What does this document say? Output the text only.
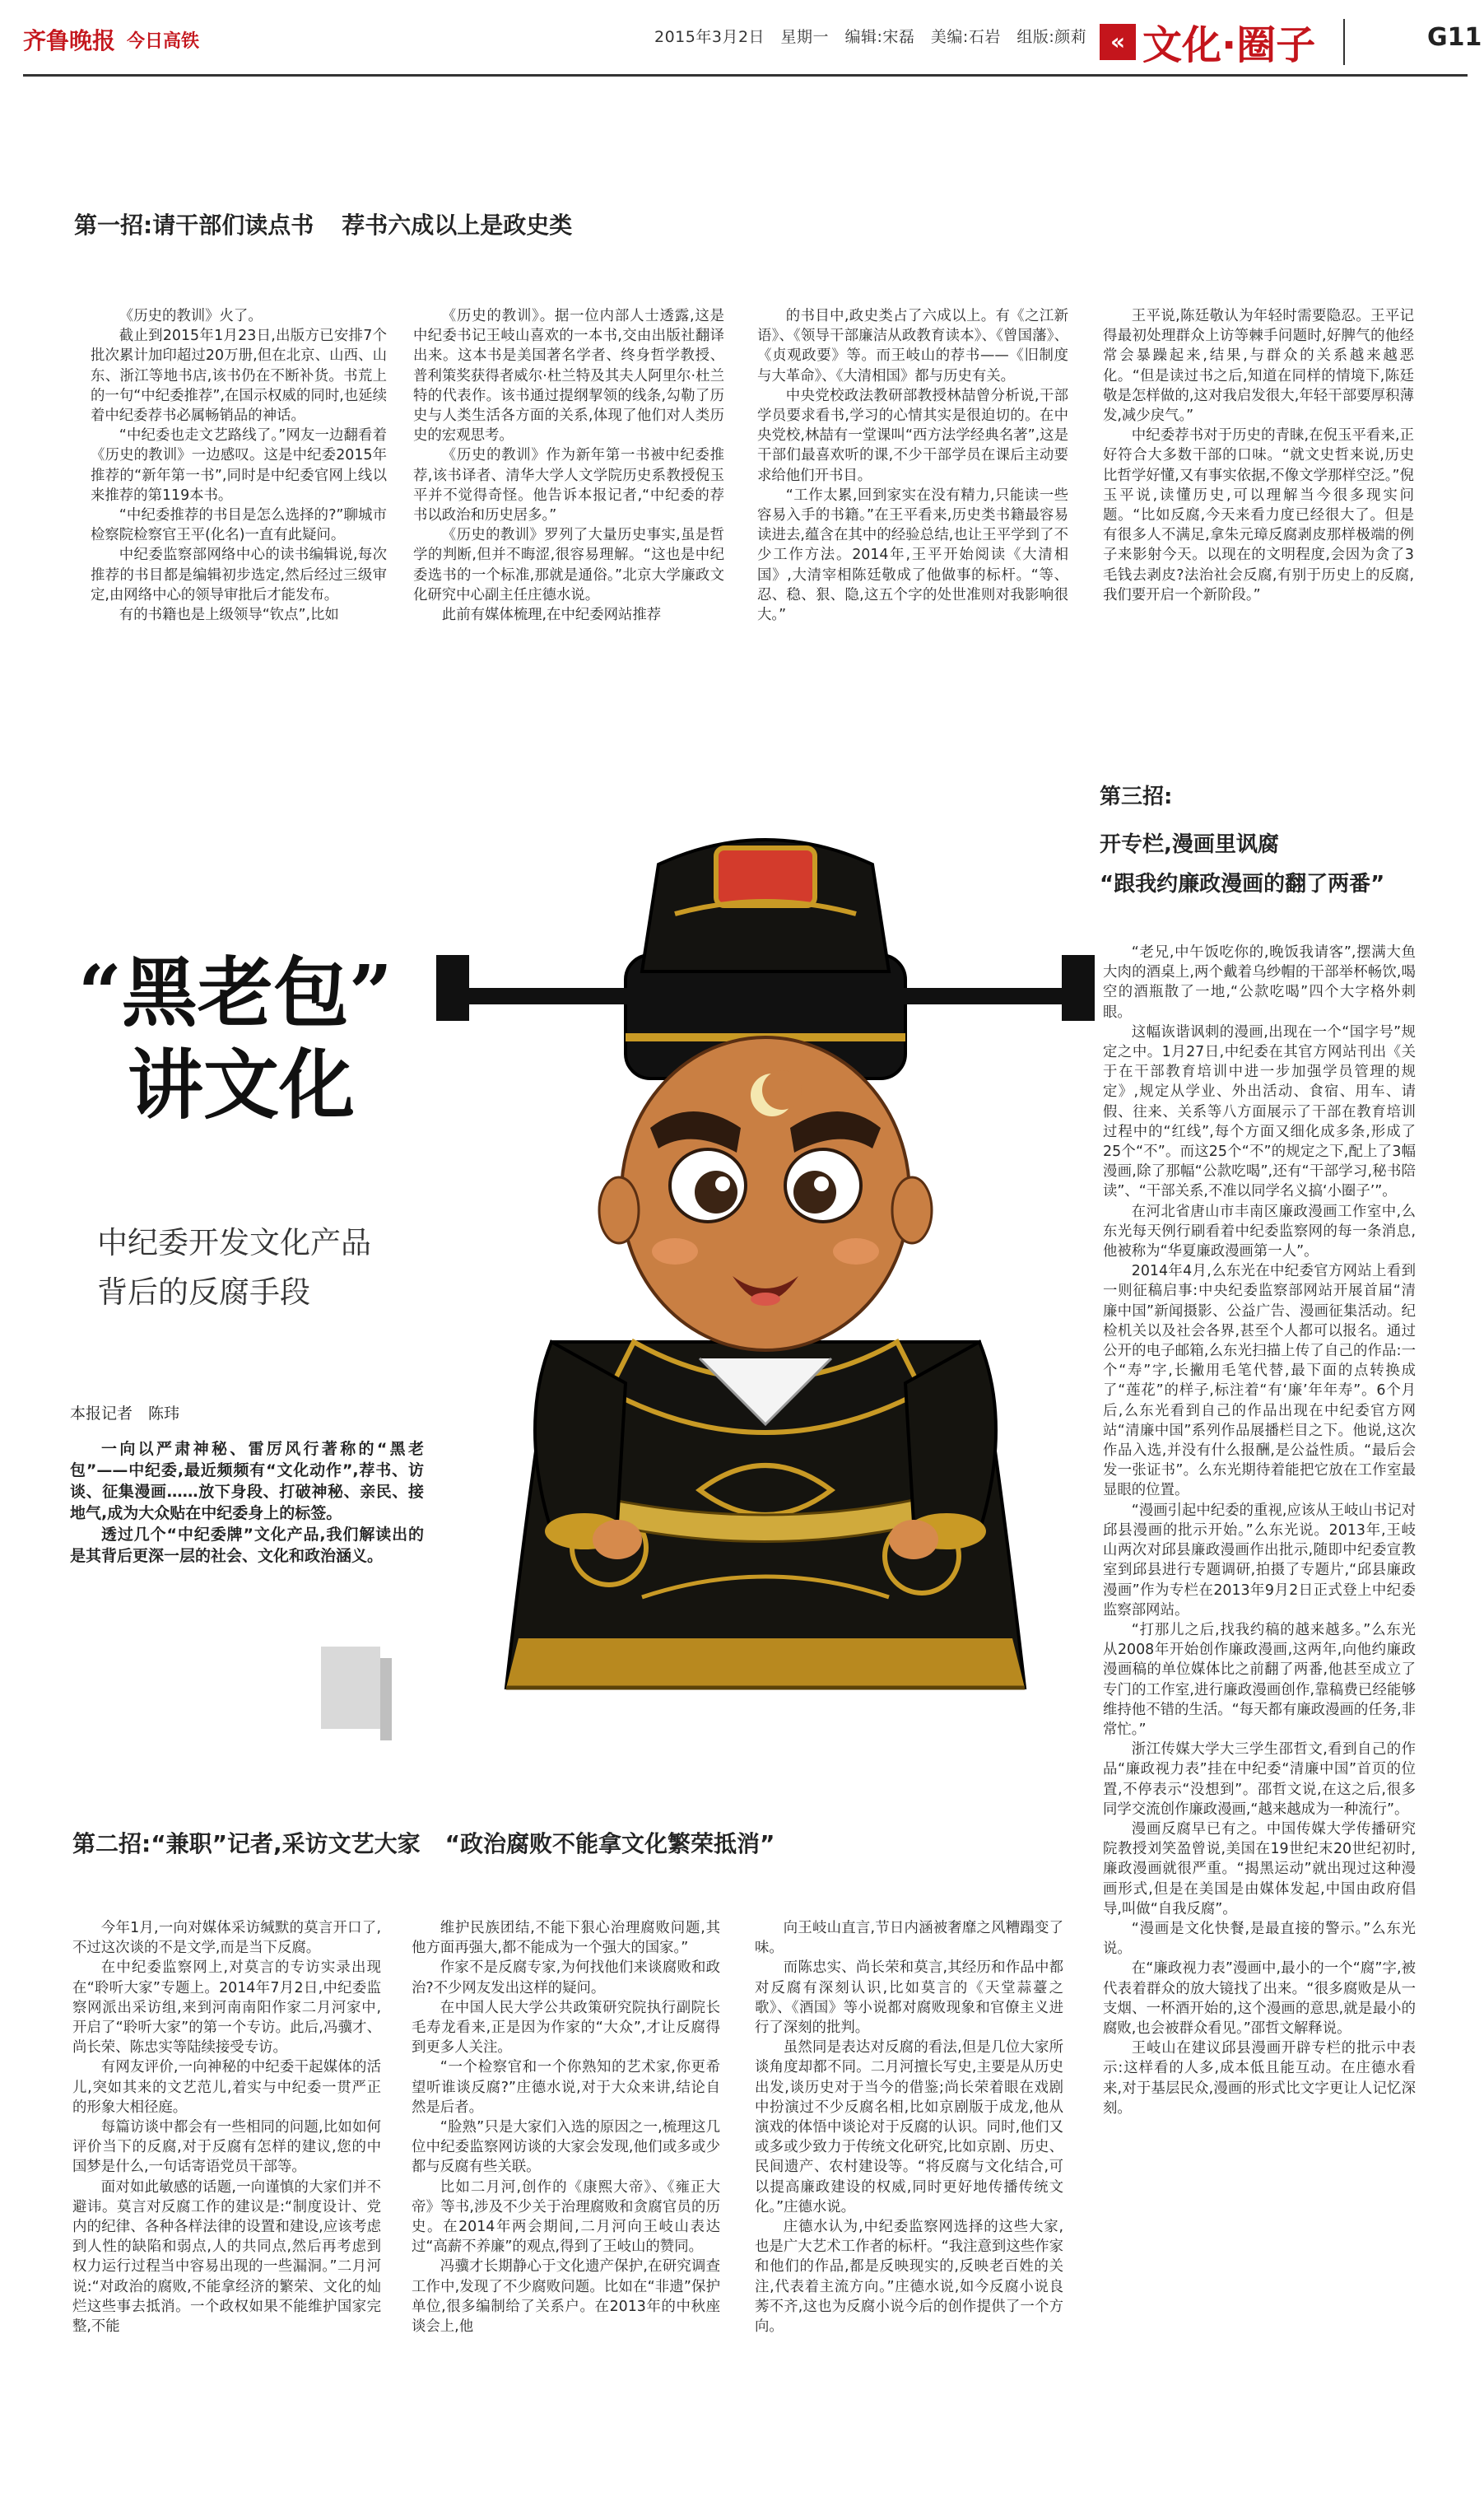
齐鲁晚报 今日高铁	2015年3月2日　星期一　编辑:宋磊　美编:石岩　组版:颜莉	« 文化·圈子	G11
第一招:请干部们读点书 荐书六成以上是政史类

《历史的教训》火了。

截止到2015年1月23日,出版方已安排7个批次累计加印超过20万册,但在北京、山西、山东、浙江等地书店,该书仍在不断补货。书荒上的一句“中纪委推荐”,在国示权威的同时,也延续着中纪委荐书必属畅销品的神话。

“中纪委也走文艺路线了。”网友一边翻看着《历史的教训》一边感叹。这是中纪委2015年推荐的“新年第一书”,同时是中纪委官网上线以来推荐的第119本书。

“中纪委推荐的书目是怎么选择的?”聊城市检察院检察官王平(化名)一直有此疑问。

中纪委监察部网络中心的读书编辑说,每次推荐的书目都是编辑初步选定,然后经过三级审定,由网络中心的领导审批后才能发布。

有的书籍也是上级领导“钦点”,比如

《历史的教训》。据一位内部人士透露,这是中纪委书记王岐山喜欢的一本书,交由出版社翻译出来。这本书是美国著名学者、终身哲学教授、普利策奖获得者威尔·杜兰特及其夫人阿里尔·杜兰特的代表作。该书通过提纲挈领的线条,勾勒了历史与人类生活各方面的关系,体现了他们对人类历史的宏观思考。

《历史的教训》作为新年第一书被中纪委推荐,该书译者、清华大学人文学院历史系教授倪玉平并不觉得奇怪。他告诉本报记者,“中纪委的荐书以政治和历史居多。”

《历史的教训》罗列了大量历史事实,虽是哲学的判断,但并不晦涩,很容易理解。“这也是中纪委选书的一个标准,那就是通俗。”北京大学廉政文化研究中心副主任庄德水说。

此前有媒体梳理,在中纪委网站推荐

的书目中,政史类占了六成以上。有《之江新语》、《领导干部廉洁从政教育读本》、《曾国藩》、《贞观政要》等。而王岐山的荐书——《旧制度与大革命》、《大清相国》都与历史有关。

中央党校政法教研部教授林喆曾分析说,干部学员要求看书,学习的心情其实是很迫切的。在中央党校,林喆有一堂课叫“西方法学经典名著”,这是干部们最喜欢听的课,不少干部学员在课后主动要求给他们开书目。

“工作太累,回到家实在没有精力,只能读一些容易入手的书籍。”在王平看来,历史类书籍最容易读进去,蕴含在其中的经验总结,也让王平学到了不少工作方法。2014年,王平开始阅读《大清相国》,大清宰相陈廷敬成了他做事的标杆。“等、忍、稳、狠、隐,这五个字的处世准则对我影响很大。”

王平说,陈廷敬认为年轻时需要隐忍。王平记得最初处理群众上访等棘手问题时,好脾气的他经常会暴躁起来,结果,与群众的关系越来越恶化。“但是读过书之后,知道在同样的情境下,陈廷敬是怎样做的,这对我启发很大,年轻干部要厚积薄发,减少戾气。”

中纪委荐书对于历史的青睐,在倪玉平看来,正好符合大多数干部的口味。“就文史哲来说,历史比哲学好懂,又有事实依据,不像文学那样空泛。”倪玉平说,读懂历史,可以理解当今很多现实问题。“比如反腐,今天来看力度已经很大了。但是有很多人不满足,拿朱元璋反腐剥皮那样极端的例子来影射今天。以现在的文明程度,会因为贪了3毛钱去剥皮?法治社会反腐,有别于历史上的反腐,我们要开启一个新阶段。”

“黑老包”
讲文化
中纪委开发文化产品
背后的反腐手段
本报记者　陈玮

一向以严肃神秘、雷厉风行著称的“黑老包”——中纪委,最近频频有“文化动作”,荐书、访谈、征集漫画……放下身段、打破神秘、亲民、接地气,成为大众贴在中纪委身上的标签。

透过几个“中纪委牌”文化产品,我们解读出的是其背后更深一层的社会、文化和政治涵义。

第三招:
开专栏,漫画里讽腐
“跟我约廉政漫画的翻了两番”

“老兄,中午饭吃你的,晚饭我请客”,摆满大鱼大肉的酒桌上,两个戴着乌纱帽的干部举杯畅饮,喝空的酒瓶散了一地,“公款吃喝”四个大字格外刺眼。

这幅诙谐讽刺的漫画,出现在一个“国字号”规定之中。1月27日,中纪委在其官方网站刊出《关于在干部教育培训中进一步加强学员管理的规定》,规定从学业、外出活动、食宿、用车、请假、往来、关系等八方面展示了干部在教育培训过程中的“红线”,每个方面又细化成多条,形成了25个“不”。而这25个“不”的规定之下,配上了3幅漫画,除了那幅“公款吃喝”,还有“干部学习,秘书陪读”、“干部关系,不准以同学名义搞‘小圈子’”。

在河北省唐山市丰南区廉政漫画工作室中,么东光每天例行刷看着中纪委监察网的每一条消息,他被称为“华夏廉政漫画第一人”。

2014年4月,么东光在中纪委官方网站上看到一则征稿启事:中央纪委监察部网站开展首届“清廉中国”新闻摄影、公益广告、漫画征集活动。纪检机关以及社会各界,甚至个人都可以报名。通过公开的电子邮箱,么东光扫描上传了自己的作品:一个“寿”字,长撇用毛笔代替,最下面的点转换成了“莲花”的样子,标注着“有‘廉’年年寿”。6个月后,么东光看到自己的作品出现在中纪委官方网站“清廉中国”系列作品展播栏目之下。他说,这次作品入选,并没有什么报酬,是公益性质。“最后会发一张证书”。么东光期待着能把它放在工作室最显眼的位置。

“漫画引起中纪委的重视,应该从王岐山书记对邱县漫画的批示开始。”么东光说。2013年,王岐山两次对邱县廉政漫画作出批示,随即中纪委宣教室到邱县进行专题调研,拍摄了专题片,“邱县廉政漫画”作为专栏在2013年9月2日正式登上中纪委监察部网站。

“打那儿之后,找我约稿的越来越多。”么东光从2008年开始创作廉政漫画,这两年,向他约廉政漫画稿的单位媒体比之前翻了两番,他甚至成立了专门的工作室,进行廉政漫画创作,靠稿费已经能够维持他不错的生活。“每天都有廉政漫画的任务,非常忙。”

浙江传媒大学大三学生邵哲文,看到自己的作品“廉政视力表”挂在中纪委“清廉中国”首页的位置,不停表示“没想到”。邵哲文说,在这之后,很多同学交流创作廉政漫画,“越来越成为一种流行”。

漫画反腐早已有之。中国传媒大学传播研究院教授刘笑盈曾说,美国在19世纪末20世纪初时,廉政漫画就很严重。“揭黑运动”就出现过这种漫画形式,但是在美国是由媒体发起,中国由政府倡导,叫做“自我反腐”。

“漫画是文化快餐,是最直接的警示。”么东光说。

在“廉政视力表”漫画中,最小的一个“腐”字,被代表着群众的放大镜找了出来。“很多腐败是从一支烟、一杯酒开始的,这个漫画的意思,就是最小的腐败,也会被群众看见。”邵哲文解释说。

王岐山在建议邱县漫画开辟专栏的批示中表示:这样看的人多,成本低且能互动。在庄德水看来,对于基层民众,漫画的形式比文字更让人记忆深刻。

第二招:“兼职”记者,采访文艺大家 “政治腐败不能拿文化繁荣抵消”

今年1月,一向对媒体采访缄默的莫言开口了,不过这次谈的不是文学,而是当下反腐。

在中纪委监察网上,对莫言的专访实录出现在“聆听大家”专题上。2014年7月2日,中纪委监察网派出采访组,来到河南南阳作家二月河家中,开启了“聆听大家”的第一个专访。此后,冯骥才、尚长荣、陈忠实等陆续接受专访。

有网友评价,一向神秘的中纪委干起媒体的活儿,突如其来的文艺范儿,着实与中纪委一贯严正的形象大相径庭。

每篇访谈中都会有一些相同的问题,比如如何评价当下的反腐,对于反腐有怎样的建议,您的中国梦是什么,一句话寄语党员干部等。

面对如此敏感的话题,一向谨慎的大家们并不避讳。莫言对反腐工作的建议是:“制度设计、党内的纪律、各种各样法律的设置和建设,应该考虑到人性的缺陷和弱点,人的共同点,然后再考虑到权力运行过程当中容易出现的一些漏洞。”二月河说:“对政治的腐败,不能拿经济的繁荣、文化的灿烂这些事去抵消。一个政权如果不能维护国家完整,不能

维护民族团结,不能下狠心治理腐败问题,其他方面再强大,都不能成为一个强大的国家。”

作家不是反腐专家,为何找他们来谈腐败和政治?不少网友发出这样的疑问。

在中国人民大学公共政策研究院执行副院长毛寿龙看来,正是因为作家的“大众”,才让反腐得到更多人关注。

“一个检察官和一个你熟知的艺术家,你更希望听谁谈反腐?”庄德水说,对于大众来讲,结论自然是后者。

“脸熟”只是大家们入选的原因之一,梳理这几位中纪委监察网访谈的大家会发现,他们或多或少都与反腐有些关联。

比如二月河,创作的《康熙大帝》、《雍正大帝》等书,涉及不少关于治理腐败和贪腐官员的历史。在2014年两会期间,二月河向王岐山表达过“高薪不养廉”的观点,得到了王岐山的赞同。

冯骥才长期静心于文化遗产保护,在研究调查工作中,发现了不少腐败问题。比如在“非遗”保护单位,很多编制给了关系户。在2013年的中秋座谈会上,他

向王岐山直言,节日内涵被奢靡之风糟蹋变了味。

而陈忠实、尚长荣和莫言,其经历和作品中都对反腐有深刻认识,比如莫言的《天堂蒜薹之歌》、《酒国》等小说都对腐败现象和官僚主义进行了深刻的批判。

虽然同是表达对反腐的看法,但是几位大家所谈角度却都不同。二月河擅长写史,主要是从历史出发,谈历史对于当今的借鉴;尚长荣着眼在戏剧中扮演过不少反腐名相,比如京剧版于成龙,他从演戏的体悟中谈论对于反腐的认识。同时,他们又或多或少致力于传统文化研究,比如京剧、历史、民间遗产、农村建设等。“将反腐与文化结合,可以提高廉政建设的权威,同时更好地传播传统文化。”庄德水说。

庄德水认为,中纪委监察网选择的这些大家,也是广大艺术工作者的标杆。“我注意到这些作家和他们的作品,都是反映现实的,反映老百姓的关注,代表着主流方向。”庄德水说,如今反腐小说良莠不齐,这也为反腐小说今后的创作提供了一个方向。
